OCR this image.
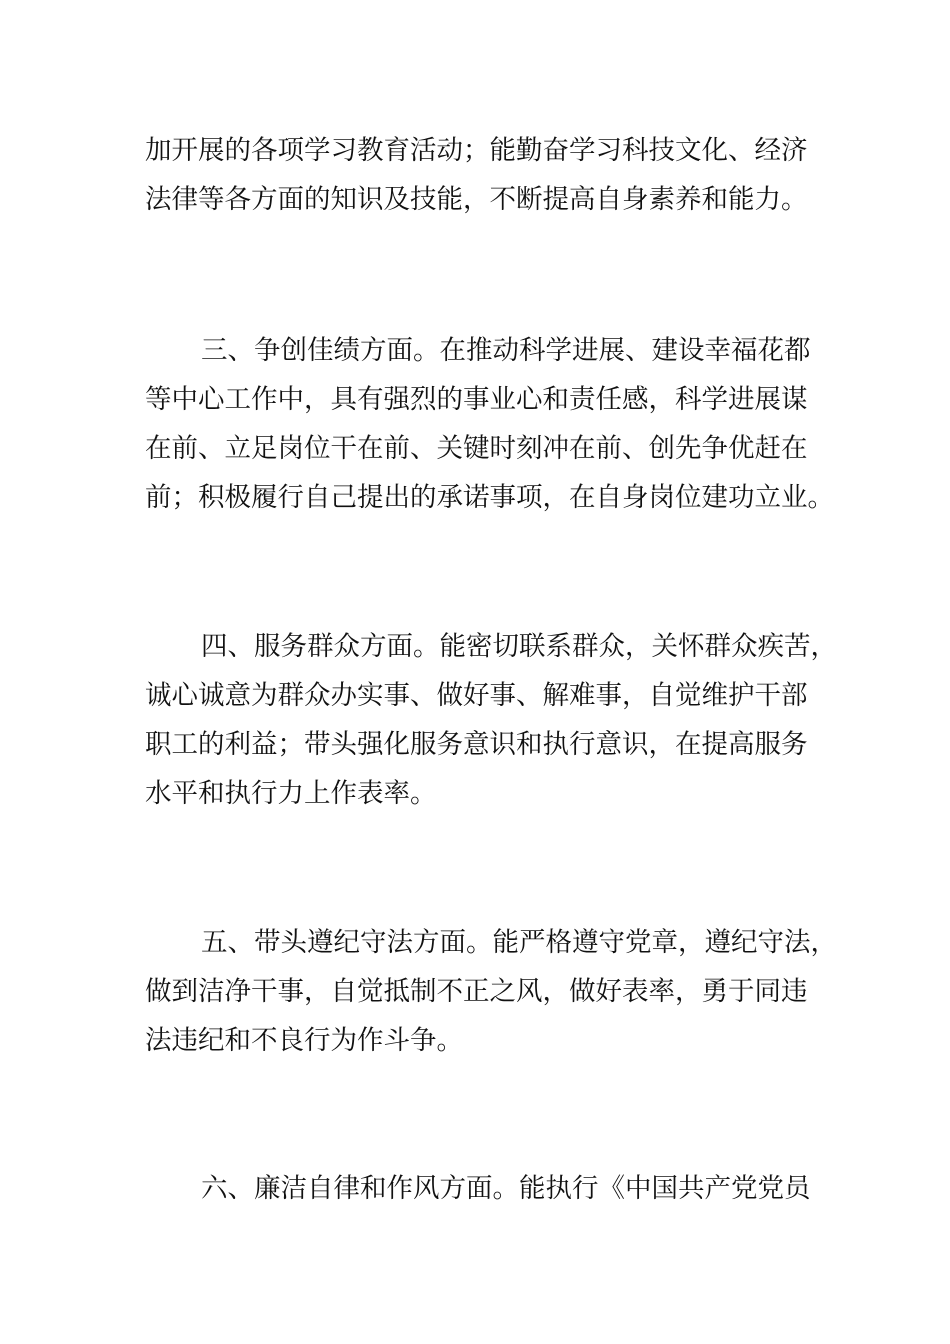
加开展的各项学习教育活动；能勤奋学习科技文化、经济
法律等各方面的知识及技能，不断提高自身素养和能力。
三、争创佳绩方面。在推动科学进展、建设幸福花都
等中心工作中，具有强烈的事业心和责任感，科学进展谋
在前、立足岗位干在前、关键时刻冲在前、创先争优赶在
前；积极履行自己提出的承诺事项，在自身岗位建功立业。
四、服务群众方面。能密切联系群众，关怀群众疾苦，
诚心诚意为群众办实事、做好事、解难事，自觉维护干部
职工的利益；带头强化服务意识和执行意识，在提高服务
水平和执行力上作表率。
五、带头遵纪守法方面。能严格遵守党章，遵纪守法，
做到洁净干事，自觉抵制不正之风，做好表率，勇于同违
法违纪和不良行为作斗争。
六、廉洁自律和作风方面。能执行《中国共产党党员
